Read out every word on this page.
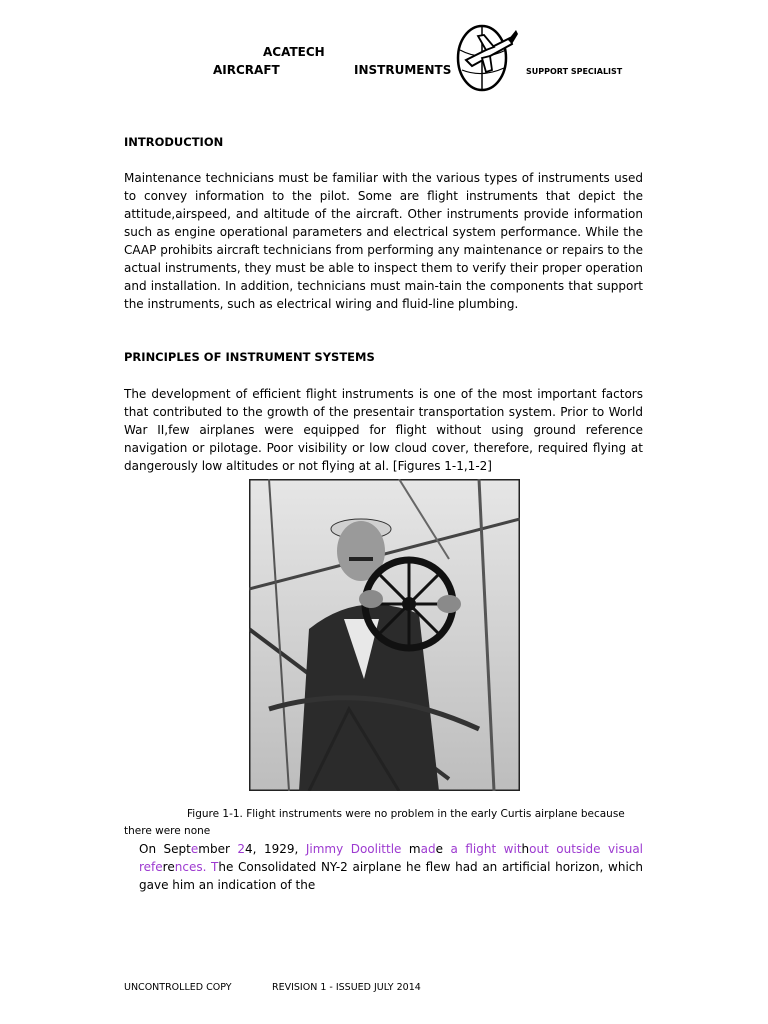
ACATECH
AIRCRAFT	INSTRUMENTS	SUPPORT SPECIALIST
INTRODUCTION
Maintenance technicians must be familiar with the various types of instruments used to convey information to the pilot. Some are flight instruments that depict the attitude,airspeed, and altitude of the aircraft. Other instruments provide information such as engine operational parameters and electrical system performance. While the CAAP prohibits aircraft technicians from performing any maintenance or repairs to the actual instruments, they must be able to inspect them to verify their proper operation and installation. In addition, technicians must main-tain the components that support the instruments, such as electrical wiring and fluid-line plumbing.
PRINCIPLES OF INSTRUMENT SYSTEMS
The development of efficient flight instruments is one of the most important factors that contributed to the growth of the presentair transportation system. Prior to World War II,few airplanes were equipped for flight without using ground reference navigation or pilotage. Poor visibility or low cloud cover, therefore, required flying at dangerously low altitudes or not flying at al. [Figures 1-1,1-2]
Figure 1-1. Flight instruments were no problem in the early Curtis airplane because there were none
On September 24, 1929, Jimmy Doolittle made a flight without outside visual references. The Consolidated NY-2 airplane he flew had an artificial horizon, which gave him an indication of the
UNCONTROLLED COPY	REVISION 1 - ISSUED JULY 2014
